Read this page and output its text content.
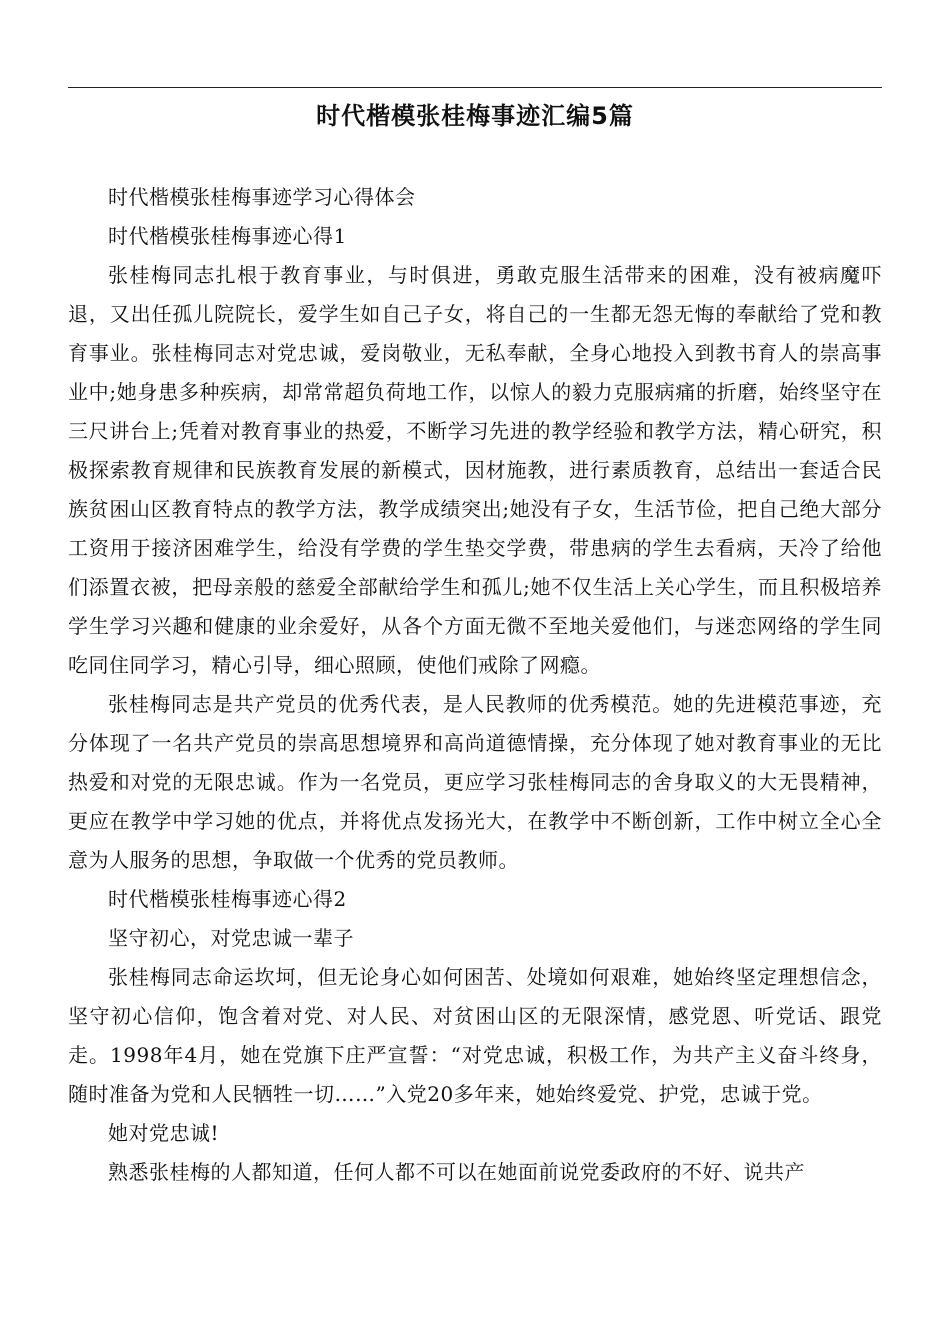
时代楷模张桂梅事迹汇编5篇

时代楷模张桂梅事迹学习心得体会

时代楷模张桂梅事迹心得1

张桂梅同志扎根于教育事业，与时俱进，勇敢克服生活带来的困难，没有被病魔吓退，又出任孤儿院院长，爱学生如自己子女，将自己的一生都无怨无悔的奉献给了党和教育事业。张桂梅同志对党忠诚，爱岗敬业，无私奉献，全身心地投入到教书育人的崇高事业中;她身患多种疾病，却常常超负荷地工作，以惊人的毅力克服病痛的折磨，始终坚守在三尺讲台上;凭着对教育事业的热爱，不断学习先进的教学经验和教学方法，精心研究，积极探索教育规律和民族教育发展的新模式，因材施教，进行素质教育，总结出一套适合民族贫困山区教育特点的教学方法，教学成绩突出;她没有子女，生活节俭，把自己绝大部分工资用于接济困难学生，给没有学费的学生垫交学费，带患病的学生去看病，天冷了给他们添置衣被，把母亲般的慈爱全部献给学生和孤儿;她不仅生活上关心学生，而且积极培养学生学习兴趣和健康的业余爱好，从各个方面无微不至地关爱他们，与迷恋网络的学生同吃同住同学习，精心引导，细心照顾，使他们戒除了网瘾。

张桂梅同志是共产党员的优秀代表，是人民教师的优秀模范。她的先进模范事迹，充分体现了一名共产党员的崇高思想境界和高尚道德情操，充分体现了她对教育事业的无比热爱和对党的无限忠诚。作为一名党员，更应学习张桂梅同志的舍身取义的大无畏精神，更应在教学中学习她的优点，并将优点发扬光大，在教学中不断创新，工作中树立全心全意为人服务的思想，争取做一个优秀的党员教师。

时代楷模张桂梅事迹心得2

坚守初心，对党忠诚一辈子

张桂梅同志命运坎坷，但无论身心如何困苦、处境如何艰难，她始终坚定理想信念，坚守初心信仰，饱含着对党、对人民、对贫困山区的无限深情，感党恩、听党话、跟党走。1998年4月，她在党旗下庄严宣誓：“对党忠诚，积极工作，为共产主义奋斗终身，随时准备为党和人民牺牲一切……”入党20多年来，她始终爱党、护党，忠诚于党。

她对党忠诚!

熟悉张桂梅的人都知道，任何人都不可以在她面前说党委政府的不好、说共产
